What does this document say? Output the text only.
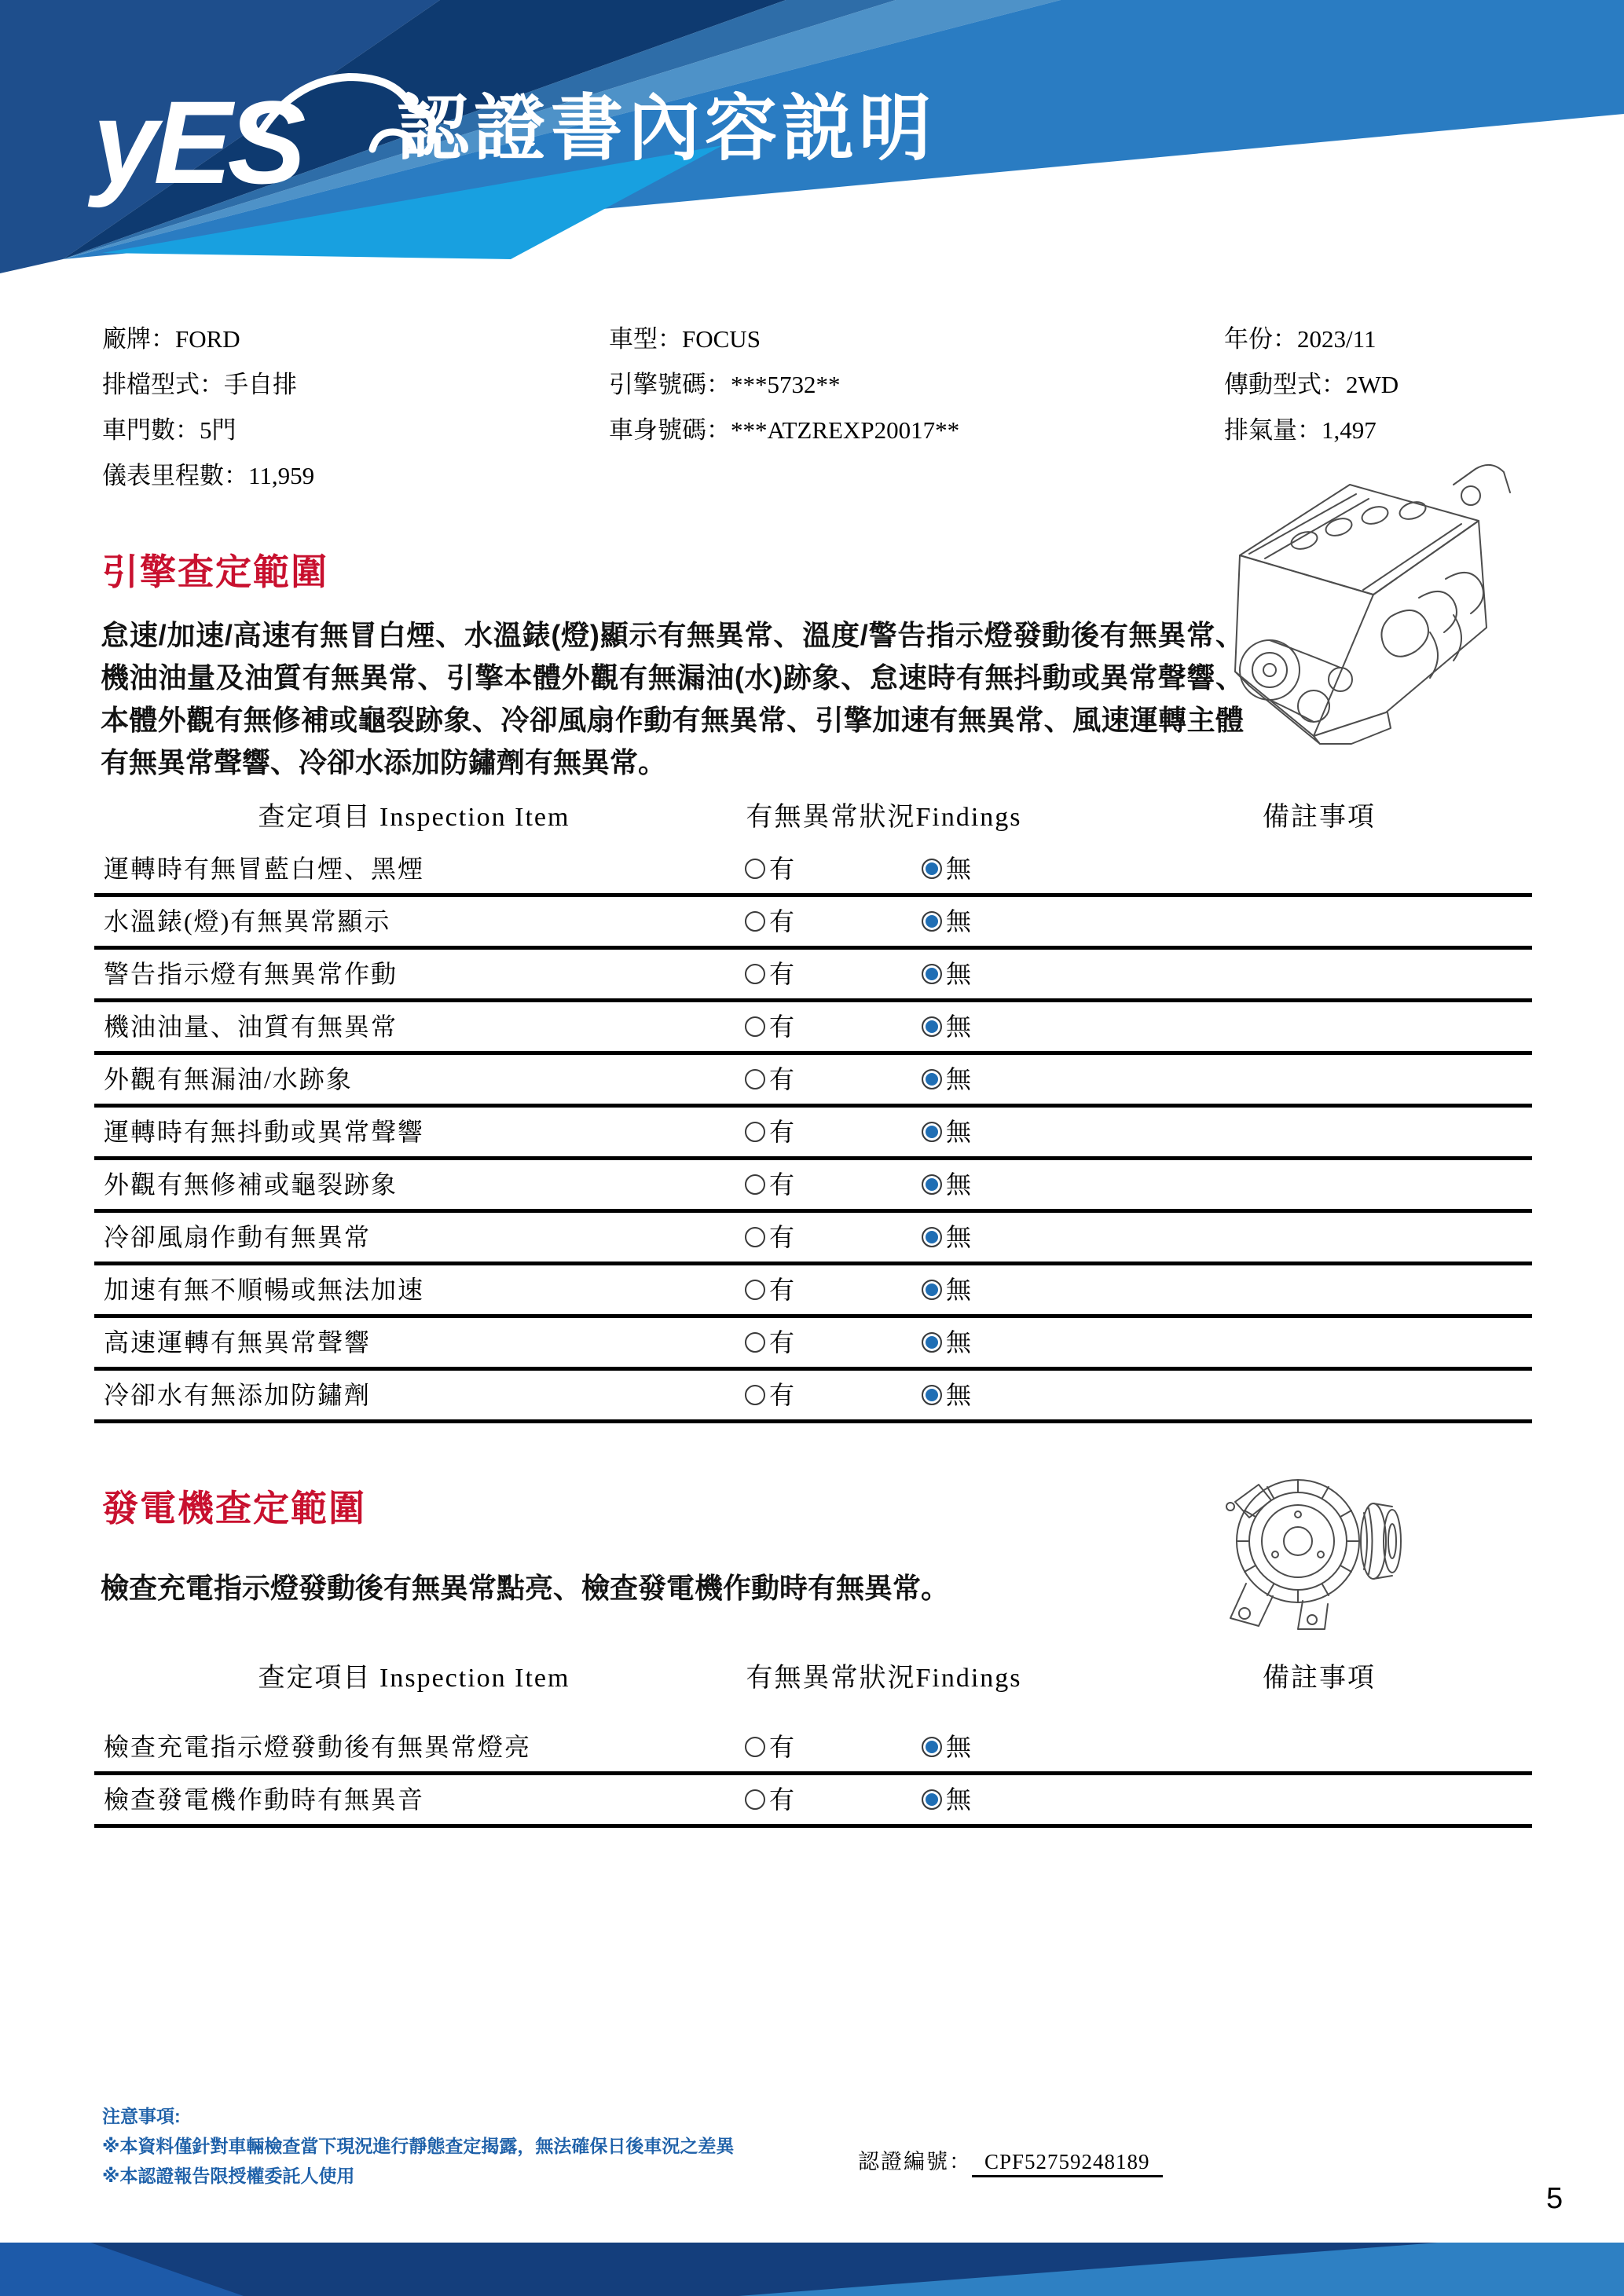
yES 認證書內容説明
廠牌：FORD
排檔型式：手自排
車門數：5門
儀表里程數：11,959
車型：FOCUS
引擎號碼：***5732**
車身號碼：***ATZREXP20017**
年份：2023/11
傳動型式：2WD
排氣量：1,497
引擎查定範圍
怠速/加速/高速有無冒白煙、水溫錶(燈)顯示有無異常、溫度/警告指示燈發動後有無異常、機油油量及油質有無異常、引擎本體外觀有無漏油(水)跡象、怠速時有無抖動或異常聲響、本體外觀有無修補或龜裂跡象、冷卻風扇作動有無異常、引擎加速有無異常、風速運轉主體有無異常聲響、冷卻水添加防鏽劑有無異常。
查定項目 Inspection Item	有無異常狀況Findings	備註事項
運轉時有無冒藍白煙、黑煙	有	無
水溫錶(燈)有無異常顯示	有	無
警告指示燈有無異常作動	有	無
機油油量、油質有無異常	有	無
外觀有無漏油/水跡象	有	無
運轉時有無抖動或異常聲響	有	無
外觀有無修補或龜裂跡象	有	無
冷卻風扇作動有無異常	有	無
加速有無不順暢或無法加速	有	無
高速運轉有無異常聲響	有	無
冷卻水有無添加防鏽劑	有	無
發電機查定範圍
檢查充電指示燈發動後有無異常點亮、檢查發電機作動時有無異常。
查定項目 Inspection Item	有無異常狀況Findings	備註事項
檢查充電指示燈發動後有無異常燈亮	有	無
檢查發電機作動時有無異音	有	無
注意事項:
※本資料僅針對車輛檢查當下現況進行靜態查定揭露，無法確保日後車況之差異
※本認證報告限授權委託人使用
認證編號： CPF52759248189
5
